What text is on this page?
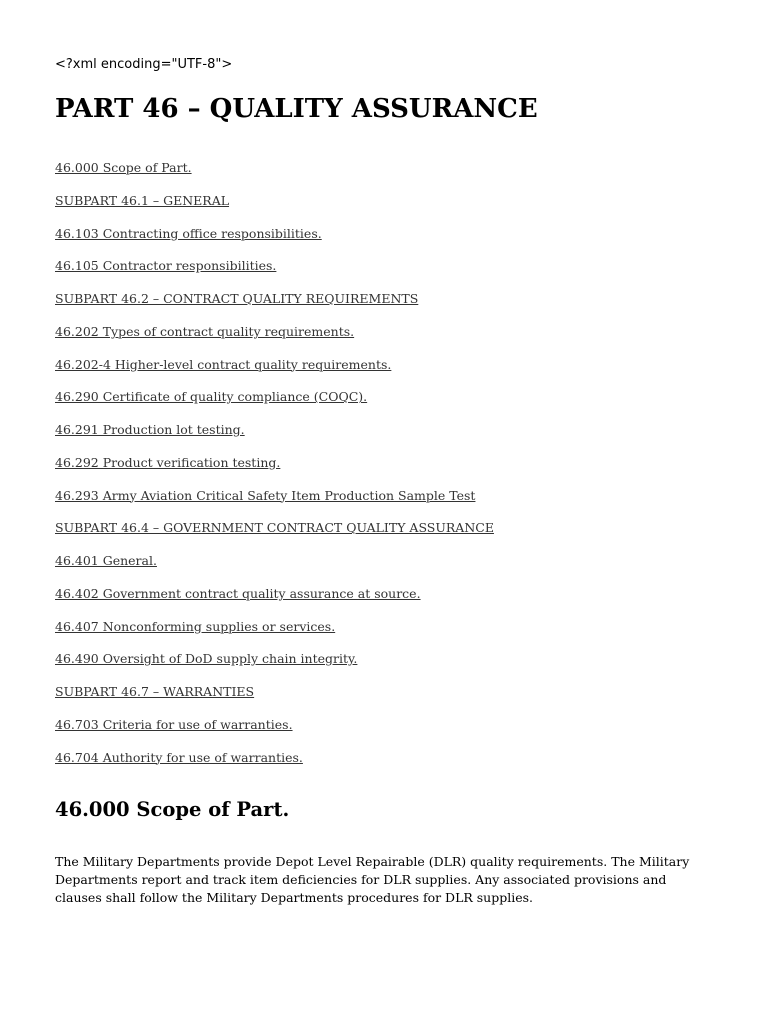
<?xml encoding="UTF-8">
PART 46 – QUALITY ASSURANCE
46.000 Scope of Part.
SUBPART 46.1 – GENERAL
46.103 Contracting office responsibilities.
46.105 Contractor responsibilities.
SUBPART 46.2 – CONTRACT QUALITY REQUIREMENTS
46.202 Types of contract quality requirements.
46.202-4 Higher-level contract quality requirements.
46.290 Certificate of quality compliance (COQC).
46.291 Production lot testing.
46.292 Product verification testing.
46.293 Army Aviation Critical Safety Item Production Sample Test
SUBPART 46.4 – GOVERNMENT CONTRACT QUALITY ASSURANCE
46.401 General.
46.402 Government contract quality assurance at source.
46.407 Nonconforming supplies or services.
46.490 Oversight of DoD supply chain integrity.
SUBPART 46.7 – WARRANTIES
46.703 Criteria for use of warranties.
46.704 Authority for use of warranties.
46.000 Scope of Part.

The Military Departments provide Depot Level Repairable (DLR) quality requirements. The Military Departments report and track item deficiencies for DLR supplies. Any associated provisions and clauses shall follow the Military Departments procedures for DLR supplies.
